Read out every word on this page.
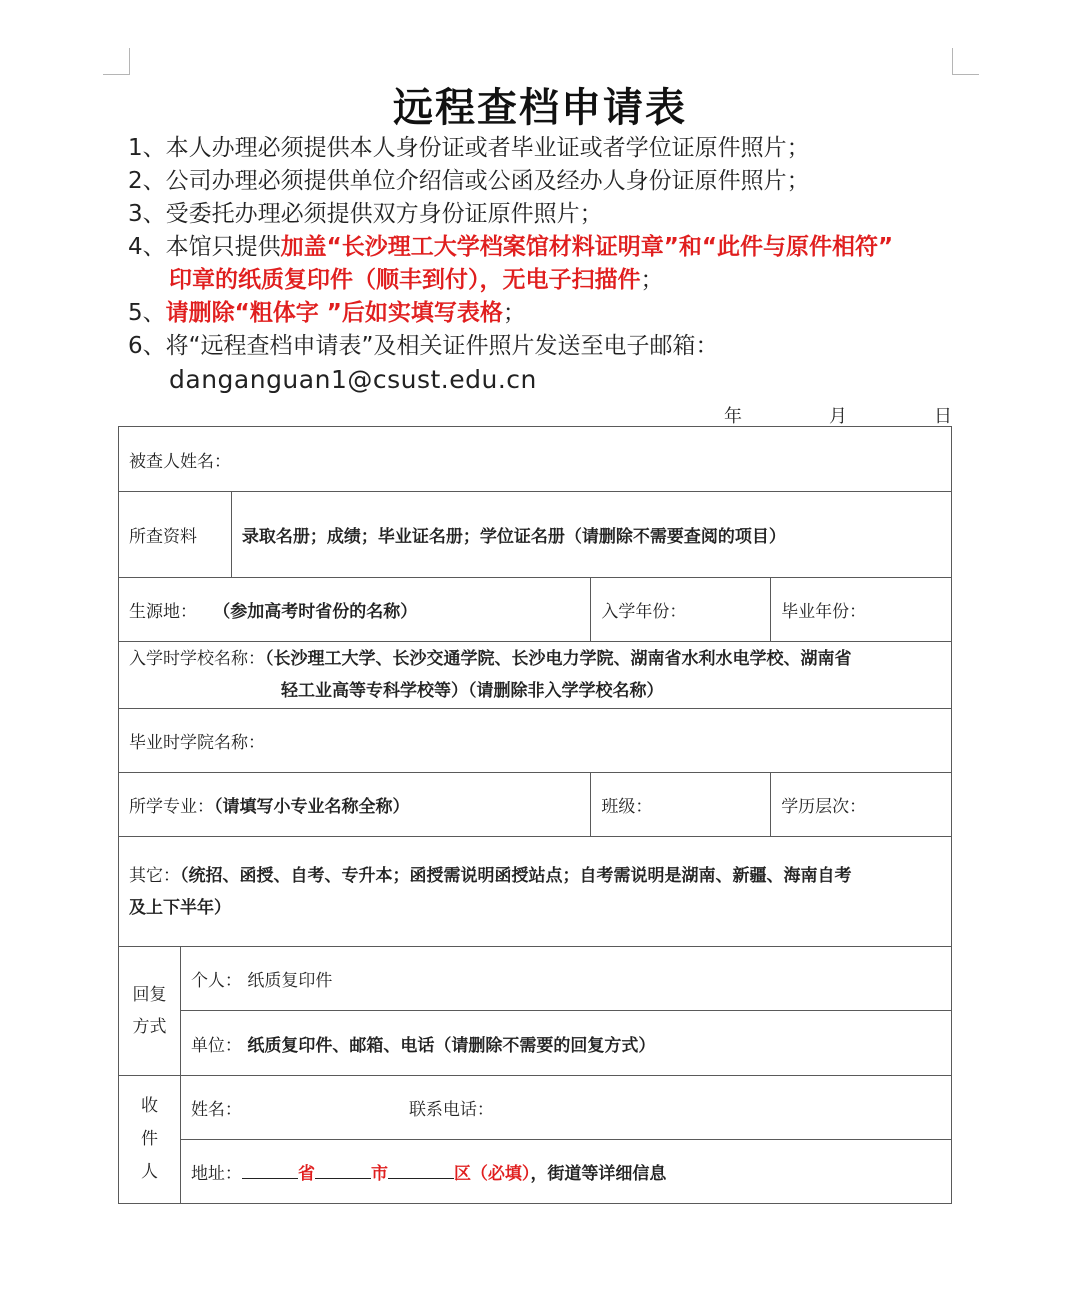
远程查档申请表
1、本人办理必须提供本人身份证或者毕业证或者学位证原件照片；
2、公司办理必须提供单位介绍信或公函及经办人身份证原件照片；
3、受委托办理必须提供双方身份证原件照片；
4、本馆只提供加盖“长沙理工大学档案馆材料证明章”和“此件与原件相符”
印章的纸质复印件（顺丰到付），无电子扫描件；
5、请删除“粗体字 ”后如实填写表格；
6、将“远程查档申请表”及相关证件照片发送至电子邮箱：
danganguan1@csust.edu.cn
年	月	日
被查人姓名：				
所查资料		录取名册；成绩；毕业证名册；学位证名册（请删除不需要查阅的项目）		
生源地： （参加高考时省份的名称）			入学年份：	毕业年份：

入学时学校名称：（长沙理工大学、长沙交通学院、长沙电力学院、湖南省水利水电学校、湖南省
轻工业高等专科学校等）（请删除非入学学校名称）				

毕业时学院名称：				
所学专业：（请填写小专业名称全称）			班级：	学历层次：

其它：（统招、函授、自考、专升本；函授需说明函授站点；自考需说明是湖南、新疆、海南自考
及上下半年）				

回复
方式	个人： 纸质复印件			
	单位： 纸质复印件、邮箱、电话（请删除不需要的回复方式）			

收
件
人	姓名： 联系电话：			
	地址： 省 市 区（必填），街道等详细信息			
